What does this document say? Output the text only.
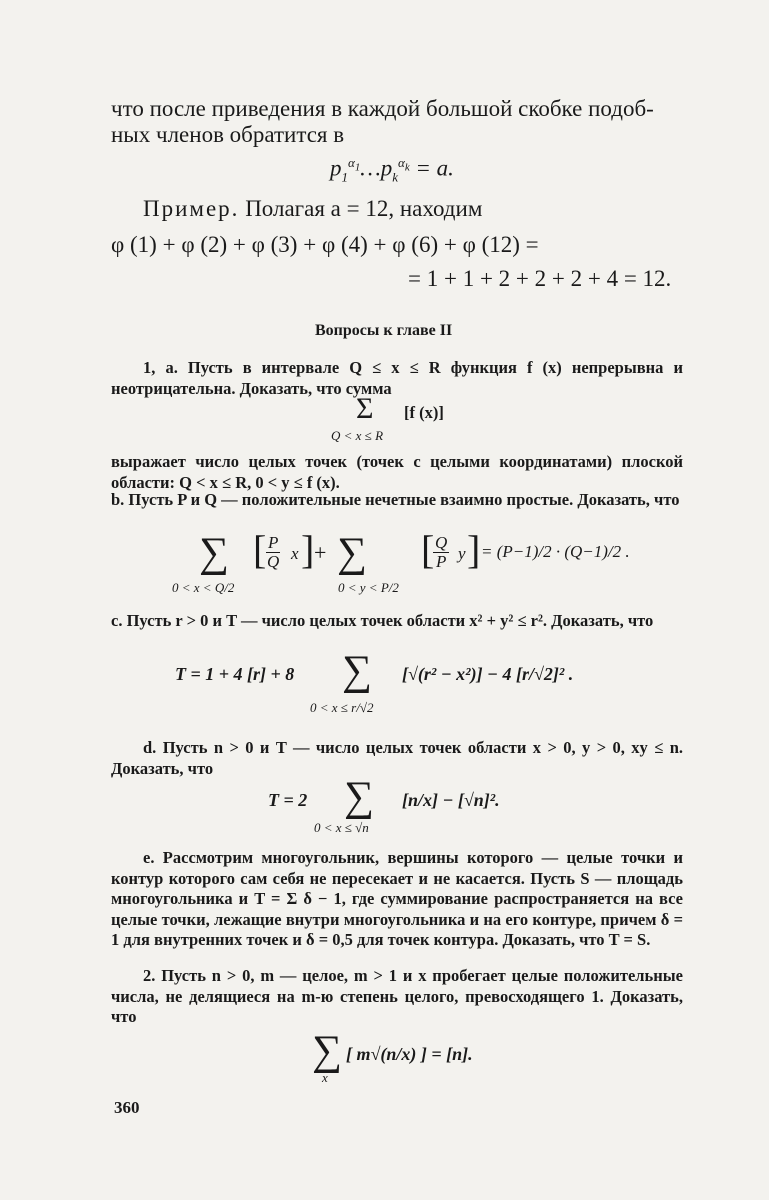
что после приведения в каждой большой скобке подоб-
ных членов обратится в
$p_1^{\alpha_1}\dots p_k^{\alpha_k} = a$.
Пример. Полагая a = 12, находим
φ (1) + φ (2) + φ (3) + φ (4) + φ (6) + φ (12) =
= 1 + 1 + 2 + 2 + 2 + 4 = 12.
Вопросы к главе II
1, a. Пусть в интервале Q ≤ x ≤ R функция f (x) непрерывна и неотрицательна. Доказать, что сумма
Σ [f (x)]
Q < x ≤ R
выражает число целых точек (точек с целыми координатами) плоской области: Q < x ≤ R, 0 < y ≤ f (x).
b. Пусть P и Q — положительные нечетные взаимно простые. Доказать, что
∑ [
$\frac{P}{Q}$ x ] + ∑ [
$\frac{Q}{P}$ y ] = (P−1)/2 · (Q−1)/2 .
0 < x < Q/2	0 < y < P/2
c. Пусть r > 0 и T — число целых точек области x² + y² ≤ r². Доказать, что
T = 1 + 4 [r] + 8 ∑ [√(r² − x²)] − 4 [r/√2]² .
0 < x ≤ r/√2
d. Пусть n > 0 и T — число целых точек области x > 0, y > 0, xy ≤ n. Доказать, что
T = 2 ∑ [n/x] − [√n]².
0 < x ≤ √n
e. Рассмотрим многоугольник, вершины которого — целые точки и контур которого сам себя не пересекает и не касается. Пусть S — площадь многоугольника и T = Σ δ − 1, где суммирование распространяется на все целые точки, лежащие внутри многоугольника и на его контуре, причем δ = 1 для внутренних точек и δ = 0,5 для точек контура. Доказать, что T = S.
2. Пусть n > 0, m — целое, m > 1 и x пробегает целые положительные числа, не делящиеся на m-ю степень целого, превосходящего 1. Доказать, что
∑
x
[ m√(n/x) ] = [n].
360
